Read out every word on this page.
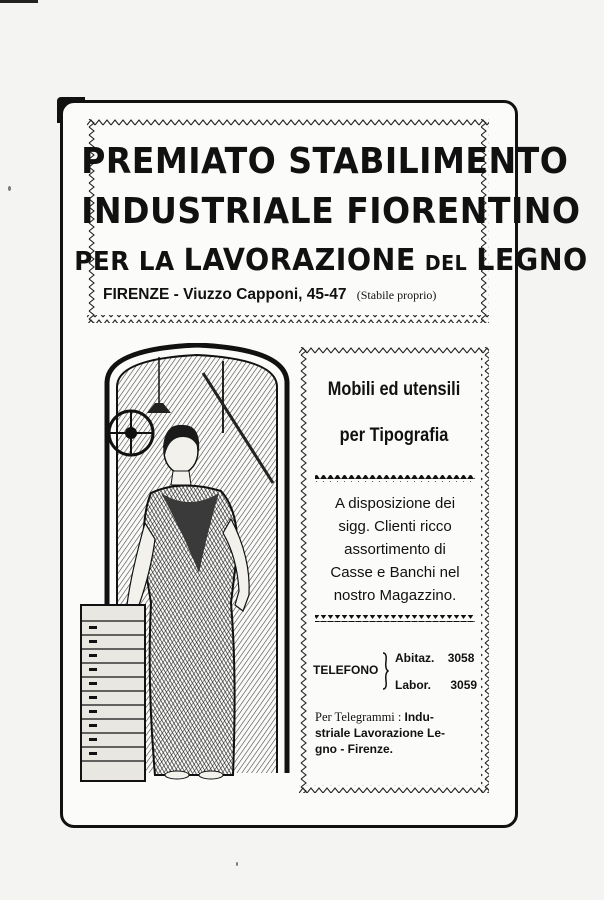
PREMIATO STABILIMENTO
INDUSTRIALE FIORENTINO
PER LA LAVORAZIONE DEL LEGNO
FIRENZE - Viuzzo Capponi, 45-47 (Stabile proprio)
Mobili ed utensili
per Tipografia
A disposizione dei
sigg. Clienti ricco
assortimento di
Casse e Banchi nel
nostro Magazzino.
TELEFONO
Abitaz. 3058
Labor. 3059
Per Telegrammi : Indu-
striale Lavorazione Le-
gno - Firenze.
